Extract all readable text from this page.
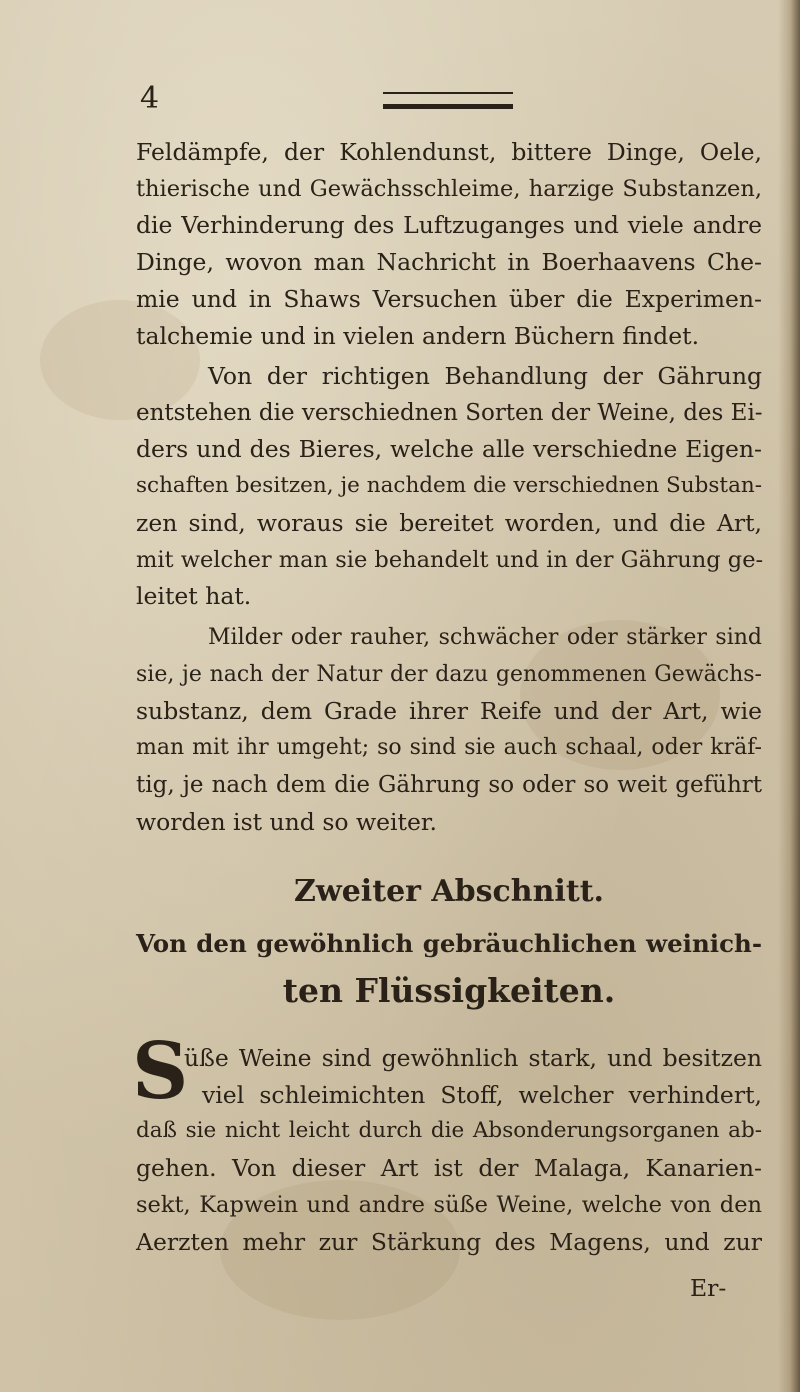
4
Feldämpfe, der Kohlendunst, bittere Dinge, Oele,
thierische und Gewächsschleime, harzige Substanzen,
die Verhinderung des Luftzuganges und viele andre
Dinge, wovon man Nachricht in Boerhaavens Che-
mie und in Shaws Versuchen über die Experimen-
talchemie und in vielen andern Büchern findet.
Von der richtigen Behandlung der Gährung
entstehen die verschiednen Sorten der Weine, des Ei-
ders und des Bieres, welche alle verschiedne Eigen-
schaften besitzen, je nachdem die verschiednen Substan-
zen sind, woraus sie bereitet worden, und die Art,
mit welcher man sie behandelt und in der Gährung ge-
leitet hat.
Milder oder rauher, schwächer oder stärker sind
sie, je nach der Natur der dazu genommenen Gewächs-
substanz, dem Grade ihrer Reife und der Art, wie
man mit ihr umgeht; so sind sie auch schaal, oder kräf-
tig, je nach dem die Gährung so oder so weit geführt
worden ist und so weiter.
Zweiter Abschnitt.
Von den gewöhnlich gebräuchlichen weinich-
ten Flüssigkeiten.
S
üße Weine sind gewöhnlich stark, und besitzen
viel schleimichten Stoff, welcher verhindert,
daß sie nicht leicht durch die Absonderungsorganen ab-
gehen. Von dieser Art ist der Malaga, Kanarien-
sekt, Kapwein und andre süße Weine, welche von den
Aerzten mehr zur Stärkung des Magens, und zur
Er-
